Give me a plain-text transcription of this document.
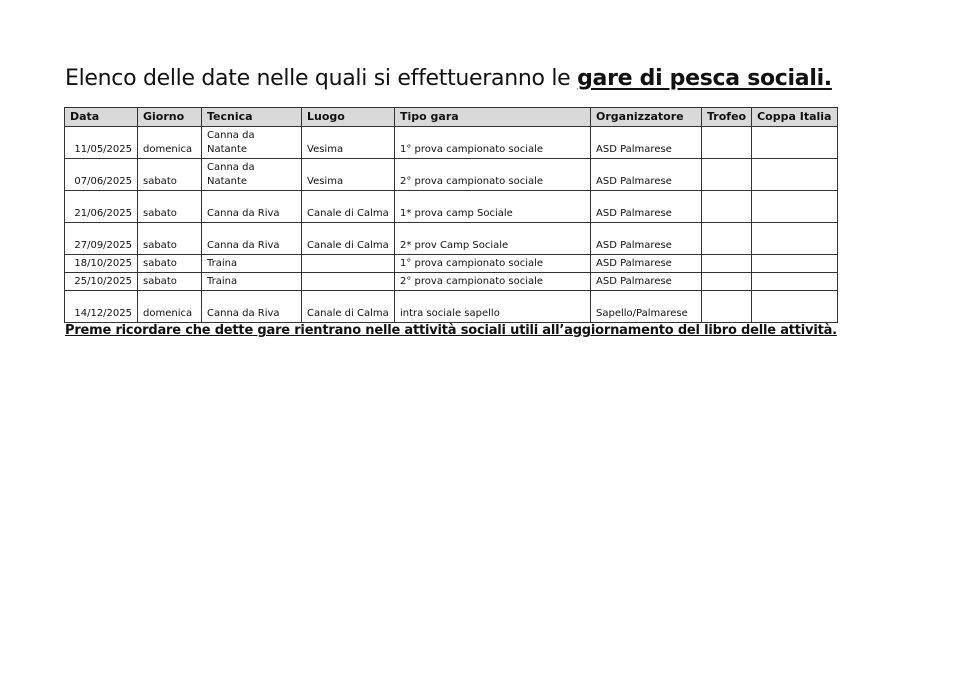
Elenco delle date nelle quali si effettueranno le gare di pesca sociali.
Data	Giorno	Tecnica	Luogo	Tipo gara	Organizzatore	Trofeo	Coppa Italia
11/05/2025	domenica	Canna da Natante	Vesima	1° prova campionato sociale	ASD Palmarese		
07/06/2025	sabato	Canna da Natante	Vesima	2° prova campionato sociale	ASD Palmarese		
21/06/2025	sabato	Canna da Riva	Canale di Calma	1* prova camp Sociale	ASD Palmarese		
27/09/2025	sabato	Canna da Riva	Canale di Calma	2* prov Camp Sociale	ASD Palmarese		
18/10/2025	sabato	Traina		1° prova campionato sociale	ASD Palmarese		
25/10/2025	sabato	Traina		2° prova campionato sociale	ASD Palmarese		
14/12/2025	domenica	Canna da Riva	Canale di Calma	intra sociale sapello	Sapello/Palmarese		
Preme ricordare che dette gare rientrano nelle attività sociali utili all’aggiornamento del libro delle attività.
